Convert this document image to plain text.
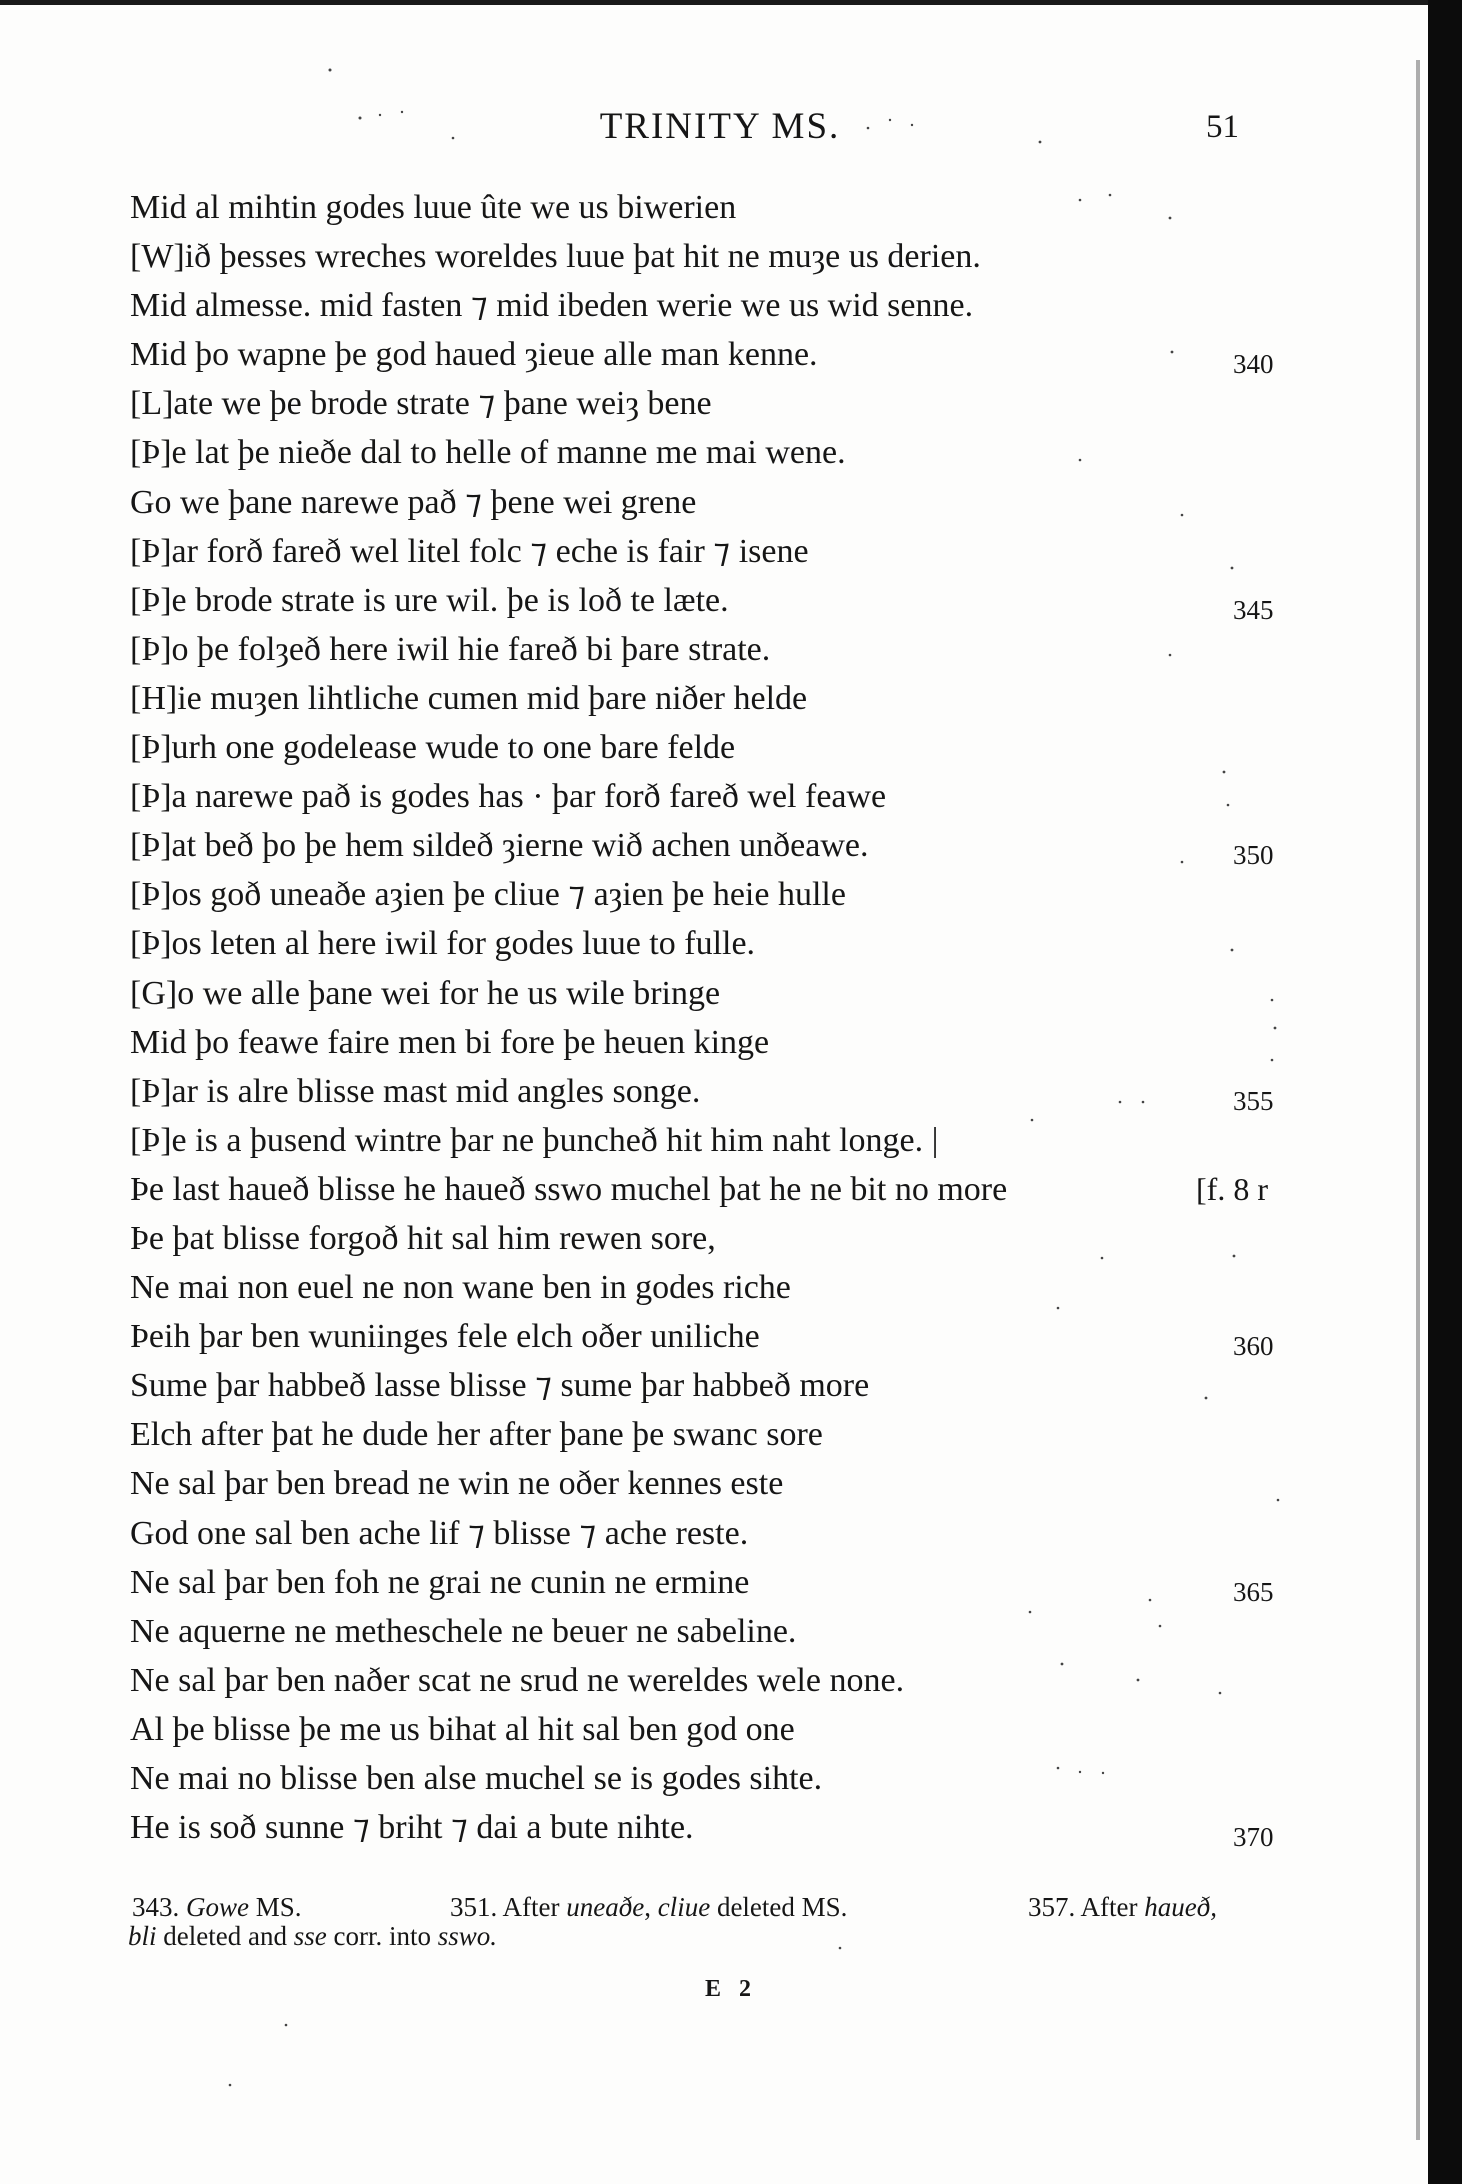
TRINITY MS.	51
Mid al mihtin godes luue ûte we us biwerien
[W]ið þesses wreches woreldes luue þat hit ne muȝe us derien.
Mid almesse. mid fasten ⁊ mid ibeden werie we us wid senne.
Mid þo wapne þe god haued ȝieue alle man kenne.	340
[L]ate we þe brode strate ⁊ þane weiȝ bene
[Þ]e lat þe nieðe dal to helle of manne me mai wene.
Go we þane narewe pað ⁊ þene wei grene
[Þ]ar forð fareð wel litel folc ⁊ eche is fair ⁊ isene
[Þ]e brode strate is ure wil. þe is loð te læte.	345
[Þ]o þe folȝeð here iwil hie fareð bi þare strate.
[H]ie muȝen lihtliche cumen mid þare niðer helde
[Þ]urh one godelease wude to one bare felde
[Þ]a narewe pað is godes has · þar forð fareð wel feawe
[Þ]at beð þo þe hem sildeð ȝierne wið achen unðeawe.	350
[Þ]os goð uneaðe aȝien þe cliue ⁊ aȝien þe heie hulle
[Þ]os leten al here iwil for godes luue to fulle.
[G]o we alle þane wei for he us wile bringe
Mid þo feawe faire men bi fore þe heuen kinge
[Þ]ar is alre blisse mast mid angles songe.	355
[Þ]e is a þusend wintre þar ne þuncheð hit him naht longe. |
Þe last haueð blisse he haueð sswo muchel þat he ne bit no more	[f. 8 r
Þe þat blisse forgoð hit sal him rewen sore,
Ne mai non euel ne non wane ben in godes riche
Þeih þar ben wuniinges fele elch oðer uniliche	360
Sume þar habbeð lasse blisse ⁊ sume þar habbeð more
Elch after þat he dude her after þane þe swanc sore
Ne sal þar ben bread ne win ne oðer kennes este
God one sal ben ache lif ⁊ blisse ⁊ ache reste.
Ne sal þar ben foh ne grai ne cunin ne ermine	365
Ne aquerne ne metheschele ne beuer ne sabeline.
Ne sal þar ben naðer scat ne srud ne wereldes wele none.
Al þe blisse þe me us bihat al hit sal ben god one
Ne mai no blisse ben alse muchel se is godes sihte.
He is soð sunne ⁊ briht ⁊ dai a bute nihte.	370
343. Gowe MS.	351. After uneaðe, cliue deleted MS.	357. After haueð,
bli deleted and sse corr. into sswo.
E 2
